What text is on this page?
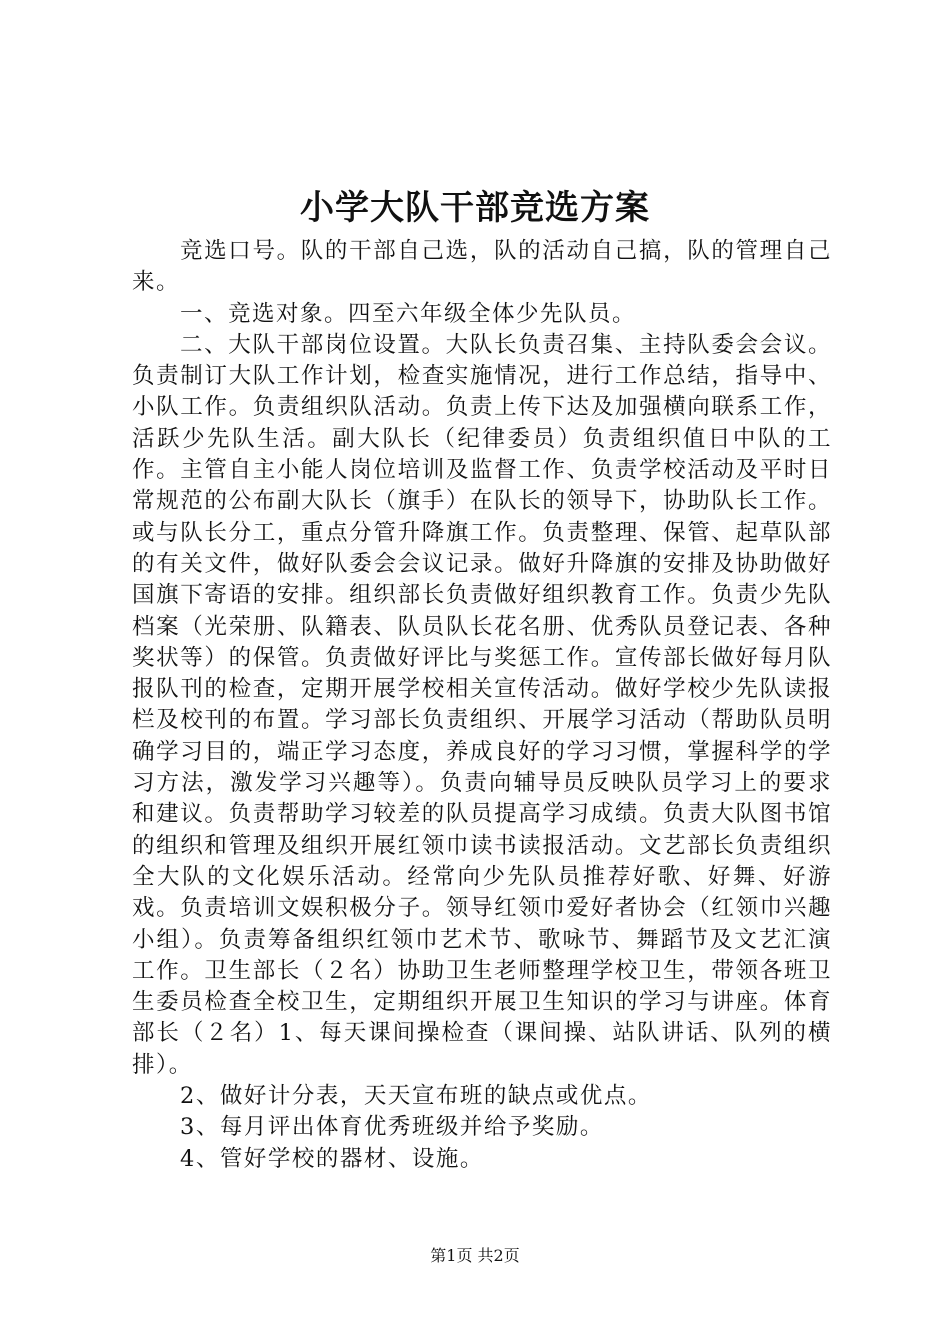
小学大队干部竞选方案

竞选口号。队的干部自己选，队的活动自己搞，队的管理自己来。

一、竞选对象。四至六年级全体少先队员。

二、大队干部岗位设置。大队长负责召集、主持队委会会议。负责制订大队工作计划，检查实施情况，进行工作总结，指导中、小队工作。负责组织队活动。负责上传下达及加强横向联系工作，活跃少先队生活。副大队长（纪律委员）负责组织值日中队的工作。主管自主小能人岗位培训及监督工作、负责学校活动及平时日常规范的公布副大队长（旗手）在队长的领导下，协助队长工作。或与队长分工，重点分管升降旗工作。负责整理、保管、起草队部的有关文件，做好队委会会议记录。做好升降旗的安排及协助做好国旗下寄语的安排。组织部长负责做好组织教育工作。负责少先队档案（光荣册、队籍表、队员队长花名册、优秀队员登记表、各种奖状等）的保管。负责做好评比与奖惩工作。宣传部长做好每月队报队刊的检查，定期开展学校相关宣传活动。做好学校少先队读报栏及校刊的布置。学习部长负责组织、开展学习活动（帮助队员明确学习目的，端正学习态度，养成良好的学习习惯，掌握科学的学习方法，激发学习兴趣等）。负责向辅导员反映队员学习上的要求和建议。负责帮助学习较差的队员提高学习成绩。负责大队图书馆的组织和管理及组织开展红领巾读书读报活动。文艺部长负责组织全大队的文化娱乐活动。经常向少先队员推荐好歌、好舞、好游戏。负责培训文娱积极分子。领导红领巾爱好者协会（红领巾兴趣小组）。负责筹备组织红领巾艺术节、歌咏节、舞蹈节及文艺汇演工作。卫生部长（２名）协助卫生老师整理学校卫生，带领各班卫生委员检查全校卫生，定期组织开展卫生知识的学习与讲座。体育部长（２名）1、每天课间操检查（课间操、站队讲话、队列的横排）。

2、做好计分表，天天宣布班的缺点或优点。

3、每月评出体育优秀班级并给予奖励。

4、管好学校的器材、设施。

第1页 共2页
